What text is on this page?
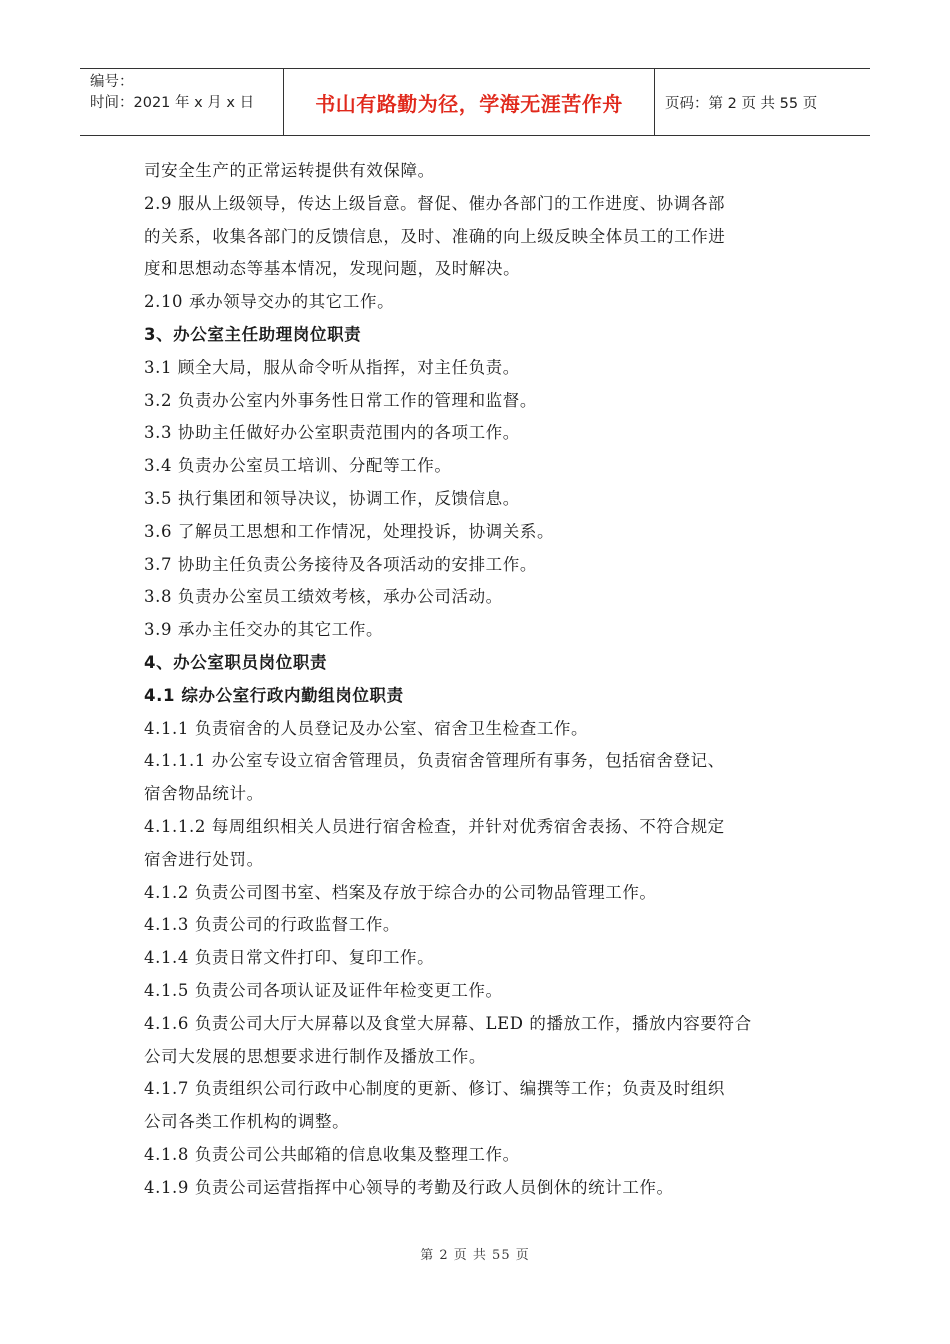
编号：
时间：2021 年 x 月 x 日	书山有路勤为径，学海无涯苦作舟	页码：第 2 页 共 55 页
司安全生产的正常运转提供有效保障。
2.9 服从上级领导，传达上级旨意。督促、催办各部门的工作进度、协调各部
的关系，收集各部门的反馈信息，及时、准确的向上级反映全体员工的工作进
度和思想动态等基本情况，发现问题，及时解决。
2.10 承办领导交办的其它工作。
3、办公室主任助理岗位职责
3.1 顾全大局，服从命令听从指挥，对主任负责。
3.2 负责办公室内外事务性日常工作的管理和监督。
3.3 协助主任做好办公室职责范围内的各项工作。
3.4 负责办公室员工培训、分配等工作。
3.5 执行集团和领导决议，协调工作，反馈信息。
3.6 了解员工思想和工作情况，处理投诉，协调关系。
3.7 协助主任负责公务接待及各项活动的安排工作。
3.8 负责办公室员工绩效考核，承办公司活动。
3.9 承办主任交办的其它工作。
4、办公室职员岗位职责
4.1 综办公室行政内勤组岗位职责
4.1.1 负责宿舍的人员登记及办公室、宿舍卫生检查工作。
4.1.1.1 办公室专设立宿舍管理员，负责宿舍管理所有事务，包括宿舍登记、
宿舍物品统计。
4.1.1.2 每周组织相关人员进行宿舍检查，并针对优秀宿舍表扬、不符合规定
宿舍进行处罚。
4.1.2 负责公司图书室、档案及存放于综合办的公司物品管理工作。
4.1.3 负责公司的行政监督工作。
4.1.4 负责日常文件打印、复印工作。
4.1.5 负责公司各项认证及证件年检变更工作。
4.1.6 负责公司大厅大屏幕以及食堂大屏幕、LED 的播放工作，播放内容要符合
公司大发展的思想要求进行制作及播放工作。
4.1.7 负责组织公司行政中心制度的更新、修订、编撰等工作；负责及时组织
公司各类工作机构的调整。
4.1.8 负责公司公共邮箱的信息收集及整理工作。
4.1.9 负责公司运营指挥中心领导的考勤及行政人员倒休的统计工作。
第 2 页 共 55 页
